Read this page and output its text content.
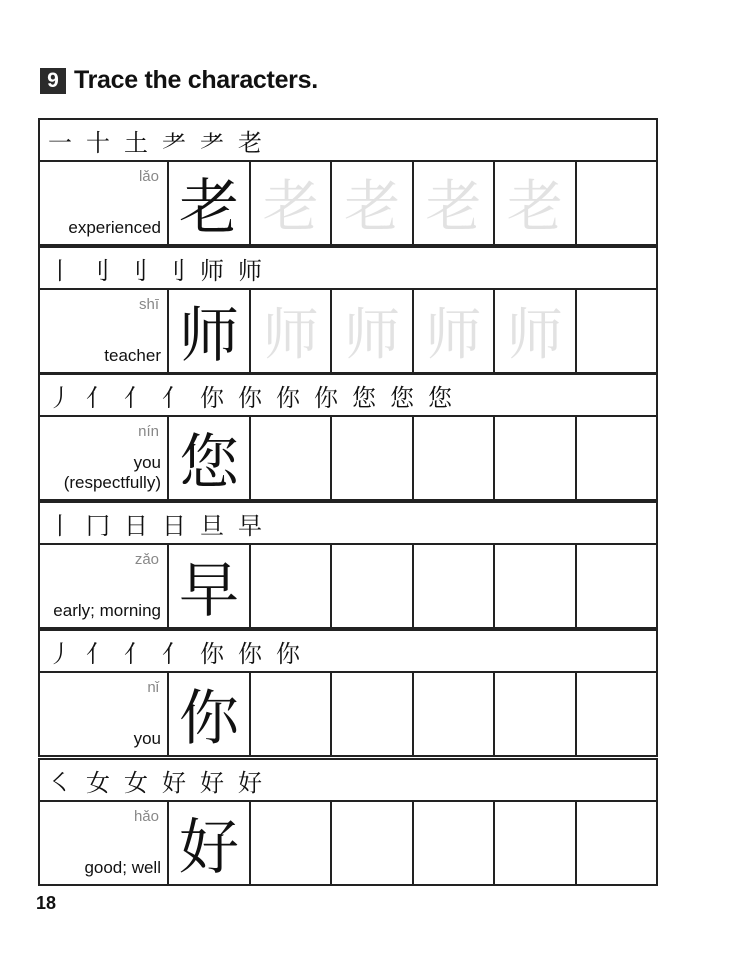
9 Trace the characters.
一 十 土 耂 耂 老
lǎo
experienced 老 老 老 老 老
丨 刂 刂 刂 师 师
shī
teacher 师 师 师 师 师
丿 亻 亻 亻 你 你 你 你 您 您 您
nín
you (respectfully) 您
丨 冂 日 日 旦 早
zǎo
early; morning 早
丿 亻 亻 亻 你 你 你
nǐ
you 你
㇛ 女 女 好 好 好
hǎo
good; well 好
18
